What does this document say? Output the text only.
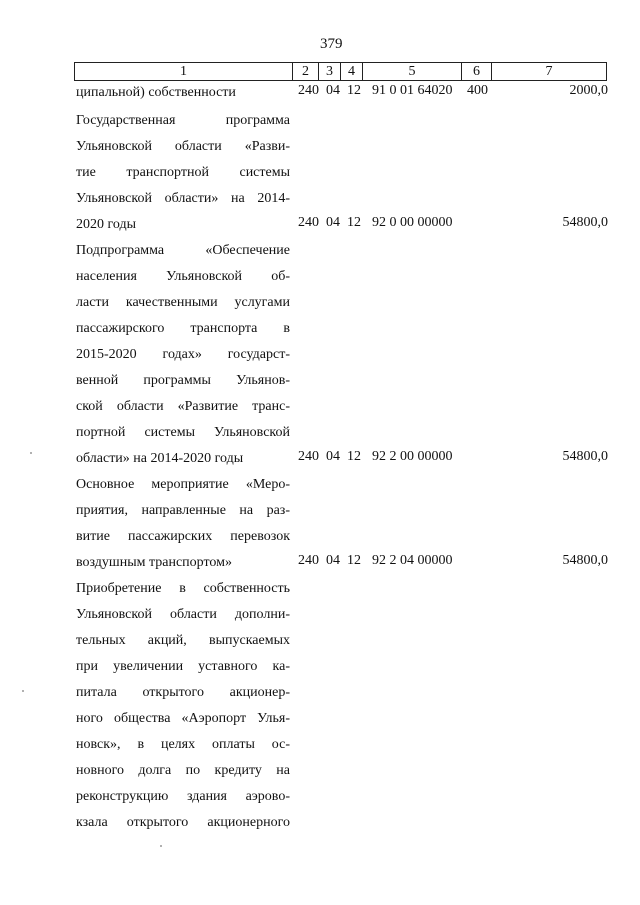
379
1	2	3	4	5	6	7
ципальной) собственности	240 04 12 91 0 01 64020 400	2000,0
Государственная программа
Ульяновской области «Разви-
тие транспортной системы
Ульяновской области» на 2014-
2020 годы	240 04 12 92 0 00 00000	54800,0
Подпрограмма «Обеспечение
населения Ульяновской об-
ласти качественными услугами
пассажирского транспорта в
2015-2020 годах» государст-
венной программы Ульянов-
ской области «Развитие транс-
портной системы Ульяновской
области» на 2014-2020 годы	240 04 12 92 2 00 00000	54800,0
Основное мероприятие «Меро-
приятия, направленные на раз-
витие пассажирских перевозок
воздушным транспортом»	240 04 12 92 2 04 00000	54800,0
Приобретение в собственность
Ульяновской области дополни-
тельных акций, выпускаемых
при увеличении уставного ка-
питала открытого акционер-
ного общества «Аэропорт Улья-
новск», в целях оплаты ос-
новного долга по кредиту на
реконструкцию здания аэрово-
кзала открытого акционерного
